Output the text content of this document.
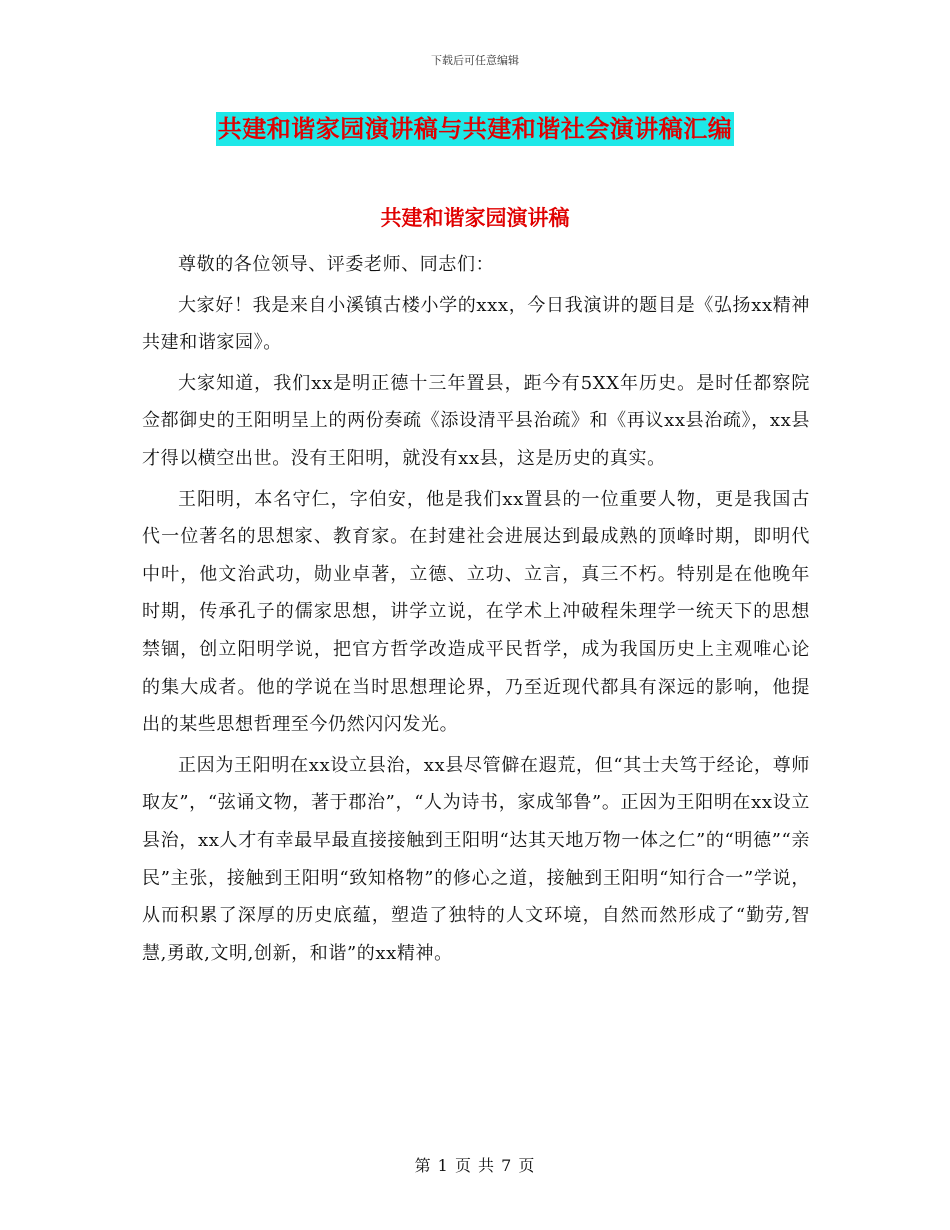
下载后可任意编辑
共建和谐家园演讲稿与共建和谐社会演讲稿汇编
共建和谐家园演讲稿

尊敬的各位领导、评委老师、同志们：

大家好！我是来自小溪镇古楼小学的xxx，今日我演讲的题目是《弘扬xx精神 共建和谐家园》。

大家知道，我们xx是明正德十三年置县，距今有5XX年历史。是时任都察院佥都御史的王阳明呈上的两份奏疏《添设清平县治疏》和《再议xx县治疏》，xx县才得以横空出世。没有王阳明，就没有xx县，这是历史的真实。

王阳明，本名守仁，字伯安，他是我们xx置县的一位重要人物，更是我国古代一位著名的思想家、教育家。在封建社会进展达到最成熟的顶峰时期，即明代中叶，他文治武功，勋业卓著，立德、立功、立言，真三不朽。特别是在他晚年时期，传承孔子的儒家思想，讲学立说，在学术上冲破程朱理学一统天下的思想禁锢，创立阳明学说，把官方哲学改造成平民哲学，成为我国历史上主观唯心论的集大成者。他的学说在当时思想理论界，乃至近现代都具有深远的影响，他提出的某些思想哲理至今仍然闪闪发光。

正因为王阳明在xx设立县治，xx县尽管僻在遐荒，但“其士夫笃于经论，尊师取友”，“弦诵文物，著于郡治”，“人为诗书，家成邹鲁”。正因为王阳明在xx设立县治，xx人才有幸最早最直接接触到王阳明“达其天地万物一体之仁”的“明德”“亲民”主张，接触到王阳明“致知格物”的修心之道，接触到王阳明“知行合一”学说，从而积累了深厚的历史底蕴，塑造了独特的人文环境，自然而然形成了“勤劳,智慧,勇敢,文明,创新，和谐”的xx精神。

第 1 页 共 7 页
